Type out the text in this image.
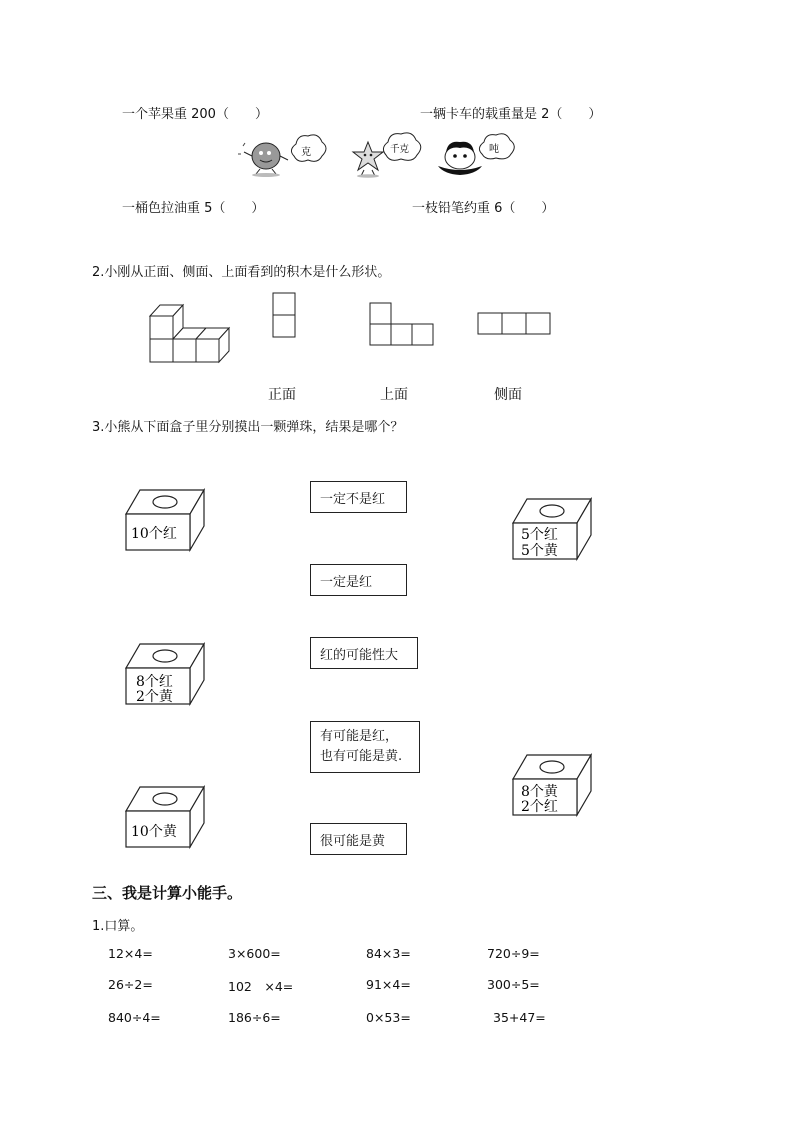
一个苹果重 200（　　）	一辆卡车的载重量是 2（　　）
一桶色拉油重 5（　　）	一枝铅笔约重 6（　　）
克	千克	吨
2.小刚从正面、侧面、上面看到的积木是什么形状。
正面	上面	侧面
3.小熊从下面盒子里分别摸出一颗弹珠，结果是哪个？
10个红
8个红
2个黄
10个黄
5个红
5个黄
8个黄
2个红
一定不是红
一定是红
红的可能性大
有可能是红，
也有可能是黄.
很可能是黄
三、我是计算小能手。
1.口算。
12×4=	3×600=	84×3=	720÷9=
26÷2=	102　×4=	91×4=	300÷5=
840÷4=	186÷6=	0×53=	35+47=
